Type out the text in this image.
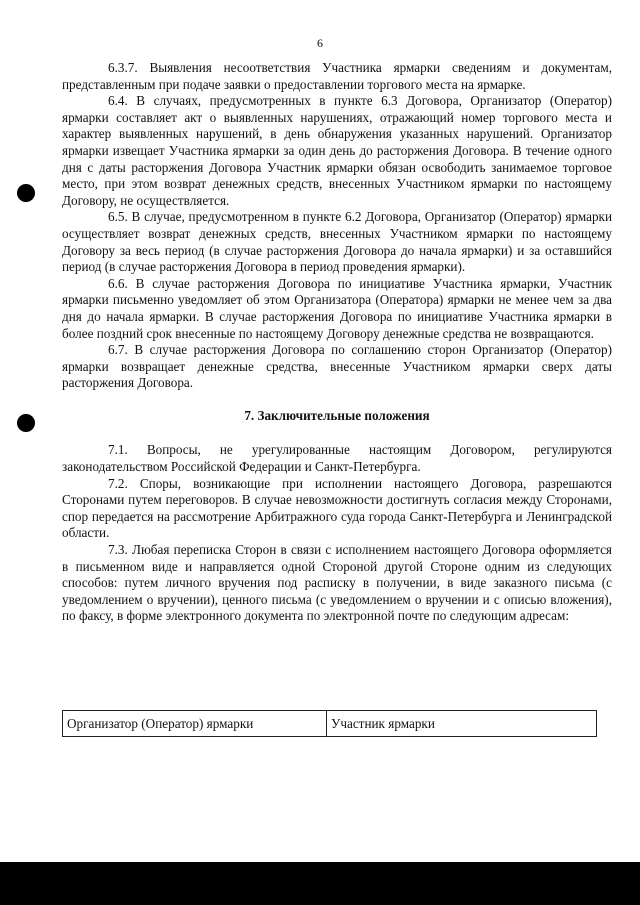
6

6.3.7. Выявления несоответствия Участника ярмарки сведениям и документам, представленным при подаче заявки о предоставлении торгового места на ярмарке.

6.4. В случаях, предусмотренных в пункте 6.3 Договора, Организатор (Оператор) ярмарки составляет акт о выявленных нарушениях, отражающий номер торгового места и характер выявленных нарушений, в день обнаружения указанных нарушений. Организатор ярмарки извещает Участника ярмарки за один день до расторжения Договора. В течение одного дня с даты расторжения Договора Участник ярмарки обязан освободить занимаемое торговое место, при этом возврат денежных средств, внесенных Участником ярмарки по настоящему Договору, не осуществляется.

6.5. В случае, предусмотренном в пункте 6.2 Договора, Организатор (Оператор) ярмарки осуществляет возврат денежных средств, внесенных Участником ярмарки по настоящему Договору за весь период (в случае расторжения Договора до начала ярмарки) и за оставшийся период (в случае расторжения Договора в период проведения ярмарки).

6.6. В случае расторжения Договора по инициативе Участника ярмарки, Участник ярмарки письменно уведомляет об этом Организатора (Оператора) ярмарки не менее чем за два дня до начала ярмарки. В случае расторжения Договора по инициативе Участника ярмарки в более поздний срок внесенные по настоящему Договору денежные средства не возвращаются.

6.7. В случае расторжения Договора по соглашению сторон Организатор (Оператор) ярмарки возвращает денежные средства, внесенные Участником ярмарки сверх даты расторжения Договора.

7. Заключительные положения

7.1. Вопросы, не урегулированные настоящим Договором, регулируются законодательством Российской Федерации и Санкт-Петербурга.

7.2. Споры, возникающие при исполнении настоящего Договора, разрешаются Сторонами путем переговоров. В случае невозможности достигнуть согласия между Сторонами, спор передается на рассмотрение Арбитражного суда города Санкт-Петербурга и Ленинградской области.

7.3. Любая переписка Сторон в связи с исполнением настоящего Договора оформляется в письменном виде и направляется одной Стороной другой Стороне одним из следующих способов: путем личного вручения под расписку в получении, в виде заказного письма (с уведомлением о вручении), ценного письма (с уведомлением о вручении и с описью вложения), по факсу, в форме электронного документа по электронной почте по следующим адресам:

Организатор (Оператор) ярмарки	Участник ярмарки
